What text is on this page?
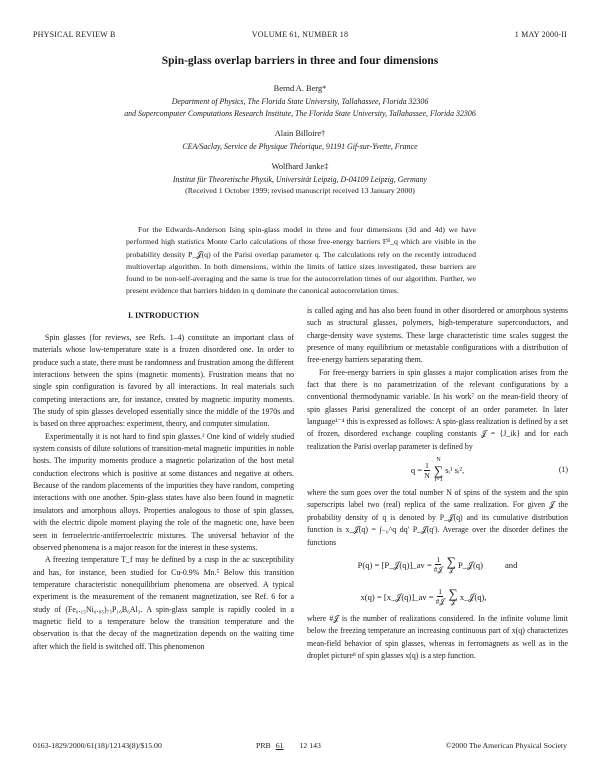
PHYSICAL REVIEW B	VOLUME 61, NUMBER 18	1 MAY 2000-II
Spin-glass overlap barriers in three and four dimensions
Bernd A. Berg*
Department of Physics, The Florida State University, Tallahassee, Florida 32306
and Supercomputer Computations Research Institute, The Florida State University, Tallahassee, Florida 32306
Alain Billoire†
CEA/Saclay, Service de Physique Théorique, 91191 Gif-sur-Yvette, France
Wolfhard Janke‡
Institut für Theoretische Physik, Universität Leipzig, D-04109 Leipzig, Germany
(Received 1 October 1999; revised manuscript received 13 January 2000)
For the Edwards-Anderson Ising spin-glass model in three and four dimensions (3d and 4d) we have performed high statistics Monte Carlo calculations of those free-energy barriers Fᴮ_q which are visible in the probability density P_𝒥(q) of the Parisi overlap parameter q. The calculations rely on the recently introduced multioverlap algorithm. In both dimensions, within the limits of lattice sizes investigated, these barriers are found to be non-self-averaging and the same is true for the autocorrelation times of our algorithm. Further, we present evidence that barriers hidden in q dominate the canonical autocorrelation times.
I. INTRODUCTION

Spin glasses (for reviews, see Refs. 1–4) constitute an important class of materials whose low-temperature state is a frozen disordered one. In order to produce such a state, there must be randomness and frustration among the different interactions between the spins (magnetic moments). Frustration means that no single spin configuration is favored by all interactions. In real materials such competing interactions are, for instance, created by magnetic impurity moments. The study of spin glasses developed essentially since the middle of the 1970s and is based on three approaches: experiment, theory, and computer simulation.

Experimentally it is not hard to find spin glasses.² One kind of widely studied system consists of dilute solutions of transition-metal magnetic impurities in noble hosts. The impurity moments produce a magnetic polarization of the host metal conduction electrons which is positive at some distances and negative at others. Because of the random placements of the impurities they have random, competing interactions with one another. Spin-glass states have also been found in magnetic insulators and amorphous alloys. Properties analogous to those of spin glasses, with the electric dipole moment playing the role of the magnetic one, have been seen in ferroelectric-antiferroelectric mixtures. The universal behavior of the observed phenomena is a major reason for the interest in these systems.

A freezing temperature T_f may be defined by a cusp in the ac susceptibility and has, for instance, been studied for Cu-0.9% Mn.⁵ Below this transition temperature characteristic nonequilibrium phenomena are observed. A typical experiment is the measurement of the remanent magnetization, see Ref. 6 for a study of (Fe₀.₁₅Ni₀.₈₅)₇₅P₁₆B₆Al₃. A spin-glass sample is rapidly cooled in a magnetic field to a temperature below the transition temperature and the observation is that the decay of the magnetization depends on the waiting time after which the field is switched off. This phenomenon

is called aging and has also been found in other disordered or amorphous systems such as structural glasses, polymers, high-temperature superconductors, and charge-density wave systems. These large characteristic time scales suggest the presence of many equilibrium or metastable configurations with a distribution of free-energy barriers separating them.

For free-energy barriers in spin glasses a major complication arises from the fact that there is no parametrization of the relevant configurations by a conventional thermodynamic variable. In his work⁷ on the mean-field theory of spin glasses Parisi generalized the concept of an order parameter. In later language¹⁻⁴ this is expressed as follows: A spin-glass realization is defined by a set of frozen, disordered exchange coupling constants 𝒥 = {J_ik} and for each realization the Parisi overlap parameter is defined by

$q = \frac{1}{N}$
N
∑
i=1
sᵢ¹ sᵢ²,	(1)

where the sum goes over the total number N of spins of the system and the spin superscripts label two (real) replica of the same realization. For given 𝒥 the probability density of q is denoted by P_𝒥(q) and its cumulative distribution function is x_𝒥(q) = ∫₋₀^q dq′ P_𝒥(q′). Average over the disorder defines the functions

P(q) = [P_𝒥(q)]_av = $\frac{1}{\text{\#𝒥}}$ ∑
𝒥
P_𝒥(q)	and
x(q) = [x_𝒥(q)]_av = $\frac{1}{\text{\#𝒥}}$ ∑
𝒥
x_𝒥(q),

where #𝒥 is the number of realizations considered. In the infinite volume limit below the freezing temperature an increasing continuous part of x(q) characterizes mean-field behavior of spin glasses, whereas in ferromagnets as well as in the droplet picture⁸ of spin glasses x(q) is a step function.

0163-1829/2000/61(18)/12143(8)/$15.00	PRB 61 12 143	©2000 The American Physical Society
